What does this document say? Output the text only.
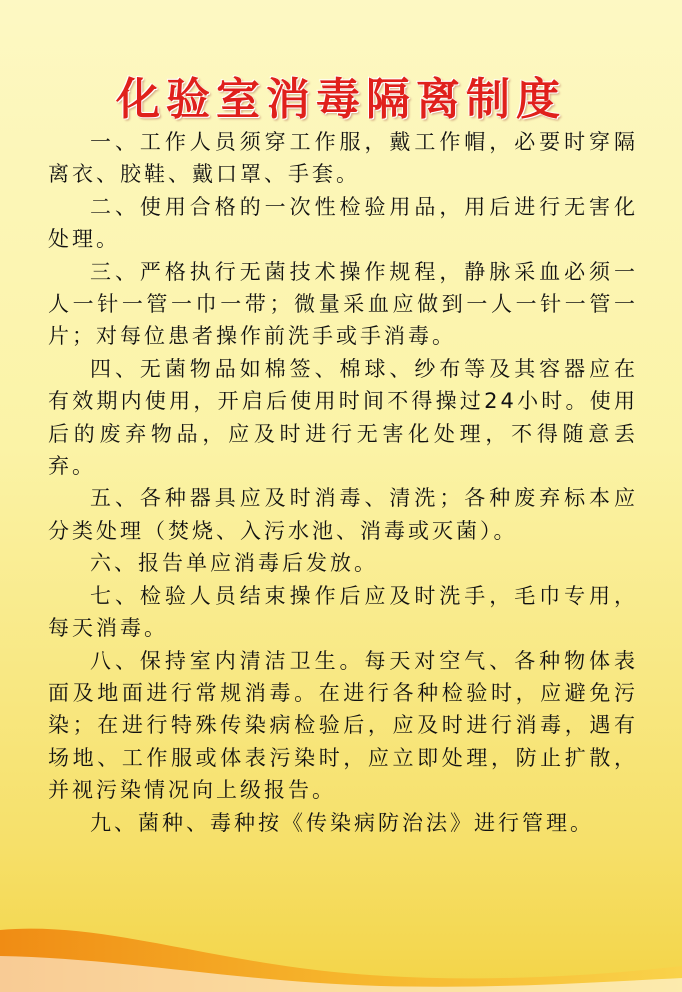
化验室消毒隔离制度

一、工作人员须穿工作服，戴工作帽，必要时穿隔离衣、胶鞋、戴口罩、手套。

二、使用合格的一次性检验用品，用后进行无害化处理。

三、严格执行无菌技术操作规程，静脉采血必须一人一针一管一巾一带；微量采血应做到一人一针一管一片；对每位患者操作前洗手或手消毒。

四、无菌物品如棉签、棉球、纱布等及其容器应在有效期内使用，开启后使用时间不得操过24小时。使用后的废弃物品，应及时进行无害化处理，不得随意丢弃。

五、各种器具应及时消毒、清洗；各种废弃标本应分类处理（焚烧、入污水池、消毒或灭菌）。

六、报告单应消毒后发放。

七、检验人员结束操作后应及时洗手，毛巾专用，每天消毒。

八、保持室内清洁卫生。每天对空气、各种物体表面及地面进行常规消毒。在进行各种检验时，应避免污染；在进行特殊传染病检验后，应及时进行消毒，遇有场地、工作服或体表污染时，应立即处理，防止扩散，并视污染情况向上级报告。

九、菌种、毒种按《传染病防治法》进行管理。
